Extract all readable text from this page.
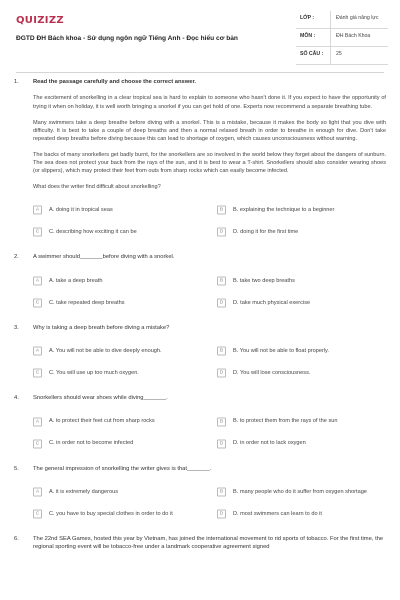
QUIZIZZ
ĐGTD ĐH Bách khoa - Sử dụng ngôn ngữ Tiếng Anh - Đọc hiểu cơ bản
LỚP :	Đánh giá năng lực
MÔN :	ĐH Bách Khoa
SỐ CÂU : 25
1. Read the passage carefully and choose the correct answer.

The excitement of snorkelling in a clear tropical sea is hard to explain to someone who hasn't done it. If you expect to have the opportunity of trying it when on holiday, it is well worth bringing a snorkel if you can get hold of one. Experts now recommend a separate breathing tube.

Many swimmers take a deep breathe before diving with a snorkel. This is a mistake, because it makes the body so light that you dive with difficulty. It is best to take a couple of deep breaths and then a normal relaxed breath in order to breathe in enough for dive. Don't take repeated deep breaths before diving because this can lead to shortage of oxygen, which causes unconsciousness without warning.

The backs of many snorkellers get badly burnt, for the snorkellers are so involved in the world below they forget about the dangers of sunburn. The sea does not protect your back from the rays of the sun, and it is best to wear a T-shirt. Snorkellers should also consider wearing shoes (or slippers), which may protect their feet from outs from sharp rocks which can easily become infected.

What does the writer find difficult about snorkelling?

A	A. doing it in tropical seas	B	B. explaining the technique to a beginner
C	C. describing how exciting it can be	D	D. doing it for the first time
2. A swimmer should_______before diving with a snorkel.
A	A. take a deep breath	B	B. take two deep breaths
C	C. take repeated deep breaths	D	D. take much physical exercise
3. Why is taking a deep breath before diving a mistake?
A	A. You will not be able to dive deeply enough.	B	B. You will not be able to float properly.
C	C. You will use up too much oxygen.	D	D. You will lose consciousness.
4. Snorkellers should wear shoes while diving_______.
A	A. to protect their feet cut from sharp rocks	B	B. to protect them from the rays of the sun
C	C. in order not to become infected	D	D. in order not to lack oxygen
5. The general impression of snorkelling the writer gives is that_______.
A	A. it is extremely dangerous	B	B. many people who do it suffer from oxygen shortage
C	C. you have to buy special clothes in order to do it	D	D. most swimmers can learn to do it
6. The 22nd SEA Games, hosted this year by Vietnam, has joined the international movement to rid sports of tobacco. For the first time, the regional sporting event will be tobacco-free under a landmark cooperative agreement signed
